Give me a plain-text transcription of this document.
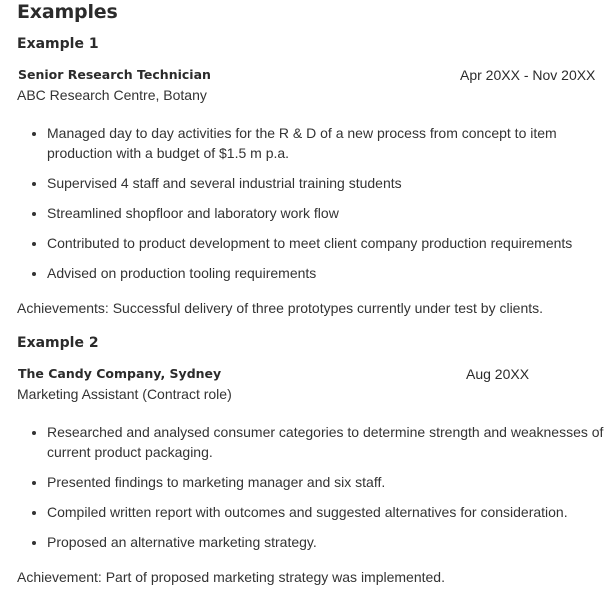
Examples
Example 1
Senior Research Technician	Apr 20XX - Nov 20XX
ABC Research Centre, Botany
Managed day to day activities for the R & D of a new process from concept to item production with a budget of $1.5 m p.a.
Supervised 4 staff and several industrial training students
Streamlined shopfloor and laboratory work flow
Contributed to product development to meet client company production requirements
Advised on production tooling requirements
Achievements: Successful delivery of three prototypes currently under test by clients.
Example 2
The Candy Company, Sydney	Aug 20XX
Marketing Assistant (Contract role)
Researched and analysed consumer categories to determine strength and weaknesses of current product packaging.
Presented findings to marketing manager and six staff.
Compiled written report with outcomes and suggested alternatives for consideration.
Proposed an alternative marketing strategy.
Achievement: Part of proposed marketing strategy was implemented.
